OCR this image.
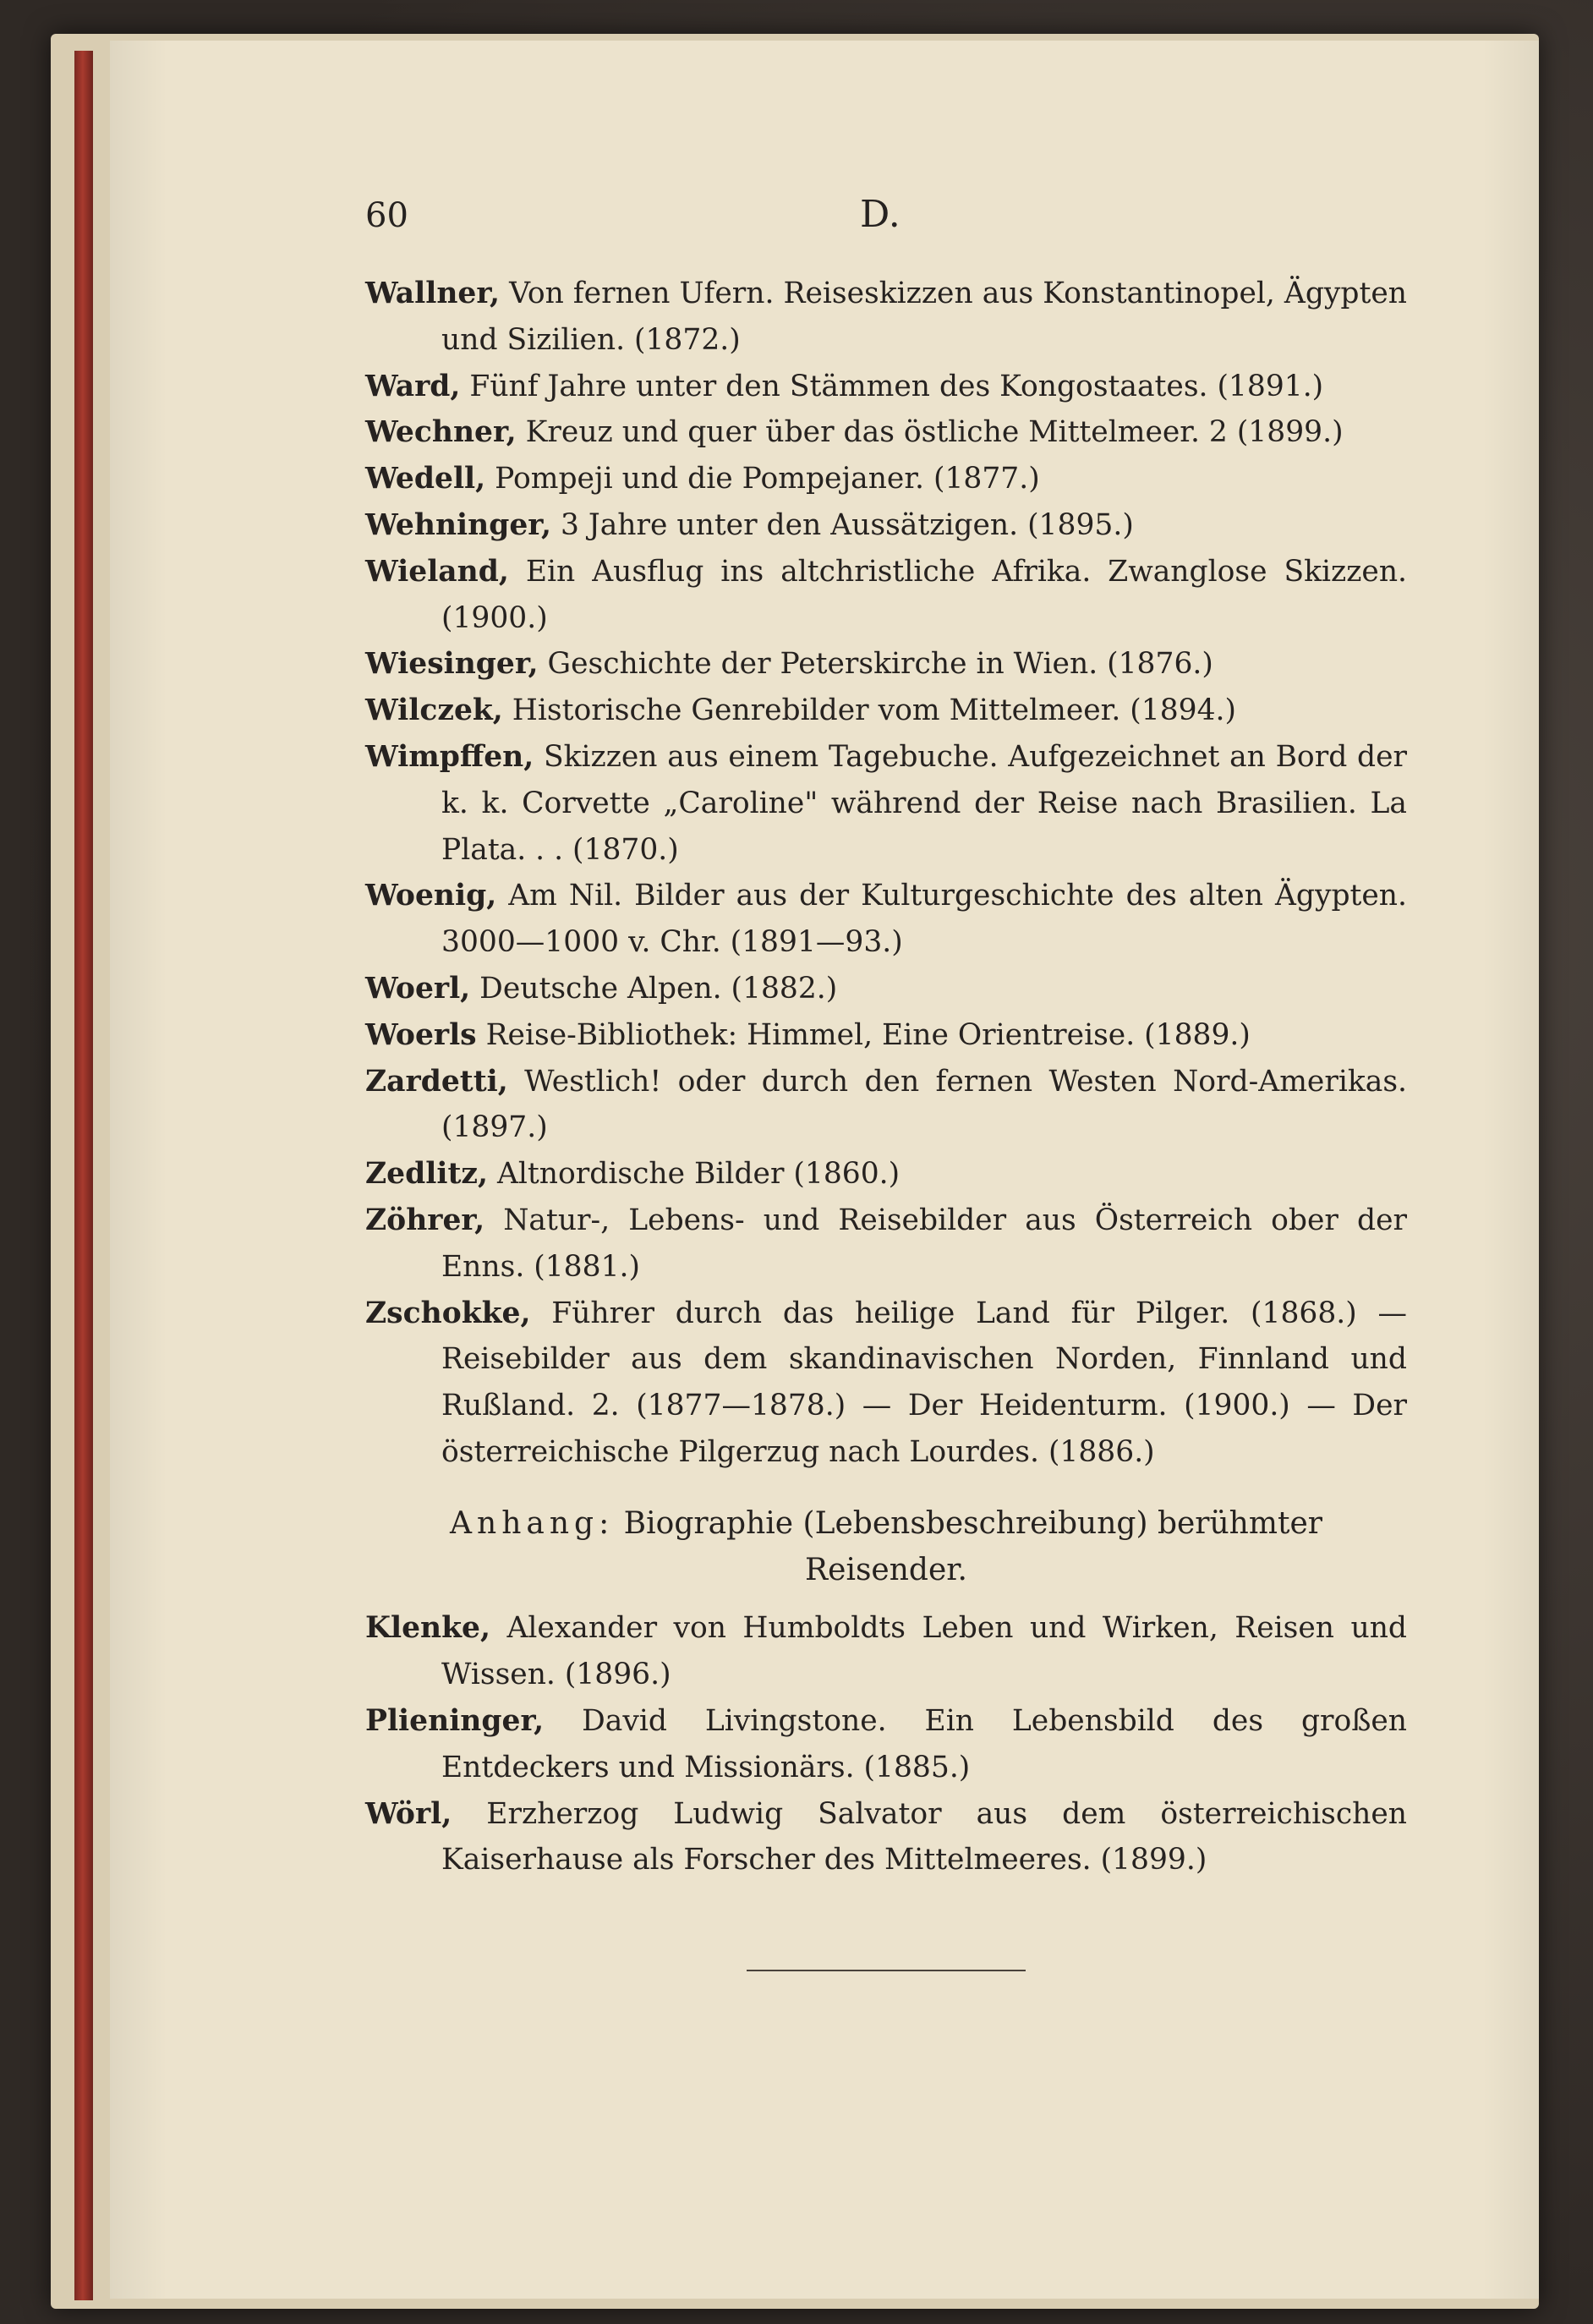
60	D.

Wallner, Von fernen Ufern. Reiseskizzen aus Konstantinopel, Ägypten und Sizilien. (1872.)

Ward, Fünf Jahre unter den Stämmen des Kongostaates. (1891.)

Wechner, Kreuz und quer über das östliche Mittelmeer. 2 (1899.)

Wedell, Pompeji und die Pompejaner. (1877.)

Wehninger, 3 Jahre unter den Aussätzigen. (1895.)

Wieland, Ein Ausflug ins altchristliche Afrika. Zwanglose Skizzen. (1900.)

Wiesinger, Geschichte der Peterskirche in Wien. (1876.)

Wilczek, Historische Genrebilder vom Mittelmeer. (1894.)

Wimpffen, Skizzen aus einem Tagebuche. Aufgezeichnet an Bord der k. k. Corvette „Caroline" während der Reise nach Brasilien. La Plata. . . (1870.)

Woenig, Am Nil. Bilder aus der Kulturgeschichte des alten Ägypten. 3000—1000 v. Chr. (1891—93.)

Woerl, Deutsche Alpen. (1882.)

Woerls Reise-Bibliothek: Himmel, Eine Orientreise. (1889.)

Zardetti, Westlich! oder durch den fernen Westen Nord-Amerikas. (1897.)

Zedlitz, Altnordische Bilder (1860.)

Zöhrer, Natur-, Lebens- und Reisebilder aus Österreich ober der Enns. (1881.)

Zschokke, Führer durch das heilige Land für Pilger. (1868.) — Reisebilder aus dem skandinavischen Norden, Finnland und Rußland. 2. (1877—1878.) — Der Heidenturm. (1900.) — Der österreichische Pilgerzug nach Lourdes. (1886.)

Anhang: Biographie (Lebensbeschreibung) berühmter Reisender.

Klenke, Alexander von Humboldts Leben und Wirken, Reisen und Wissen. (1896.)

Plieninger, David Livingstone. Ein Lebensbild des großen Entdeckers und Missionärs. (1885.)

Wörl, Erzherzog Ludwig Salvator aus dem österreichischen Kaiserhause als Forscher des Mittelmeeres. (1899.)
